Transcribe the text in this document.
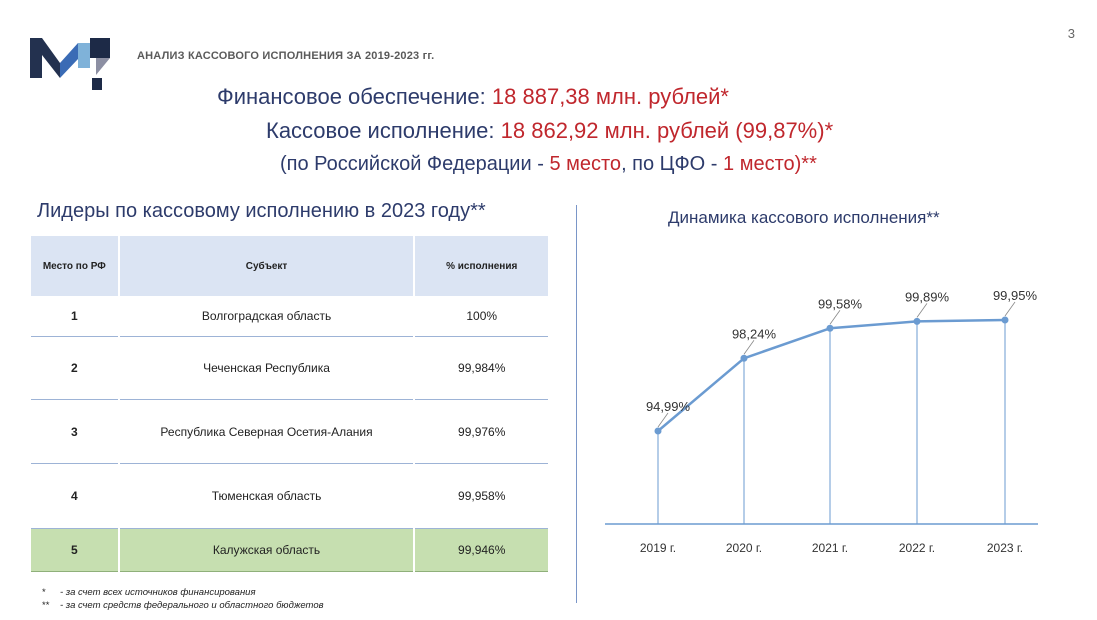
3
АНАЛИЗ КАССОВОГО ИСПОЛНЕНИЯ ЗА 2019-2023 гг.
Финансовое обеспечение: 18 887,38 млн. рублей*
Кассовое исполнение: 18 862,92 млн. рублей (99,87%)*
(по Российской Федерации - 5 место, по ЦФО - 1 место)**
Лидеры по кассовому исполнению в 2023 году**
Место по РФ	Субъект	% исполнения
1	Волгоградская область	100%
2	Чеченская Республика	99,984%
3	Республика Северная Осетия-Алания	99,976%
4	Тюменская область	99,958%
5	Калужская область	99,946%
* - за счет всех источников финансирования
** - за счет средств федерального и областного бюджетов
Динамика кассового исполнения**
94,99%
98,24%
99,58%	99,89%	99,95%
2019 г.	2020 г.	2021 г.	2022 г.	2023 г.
